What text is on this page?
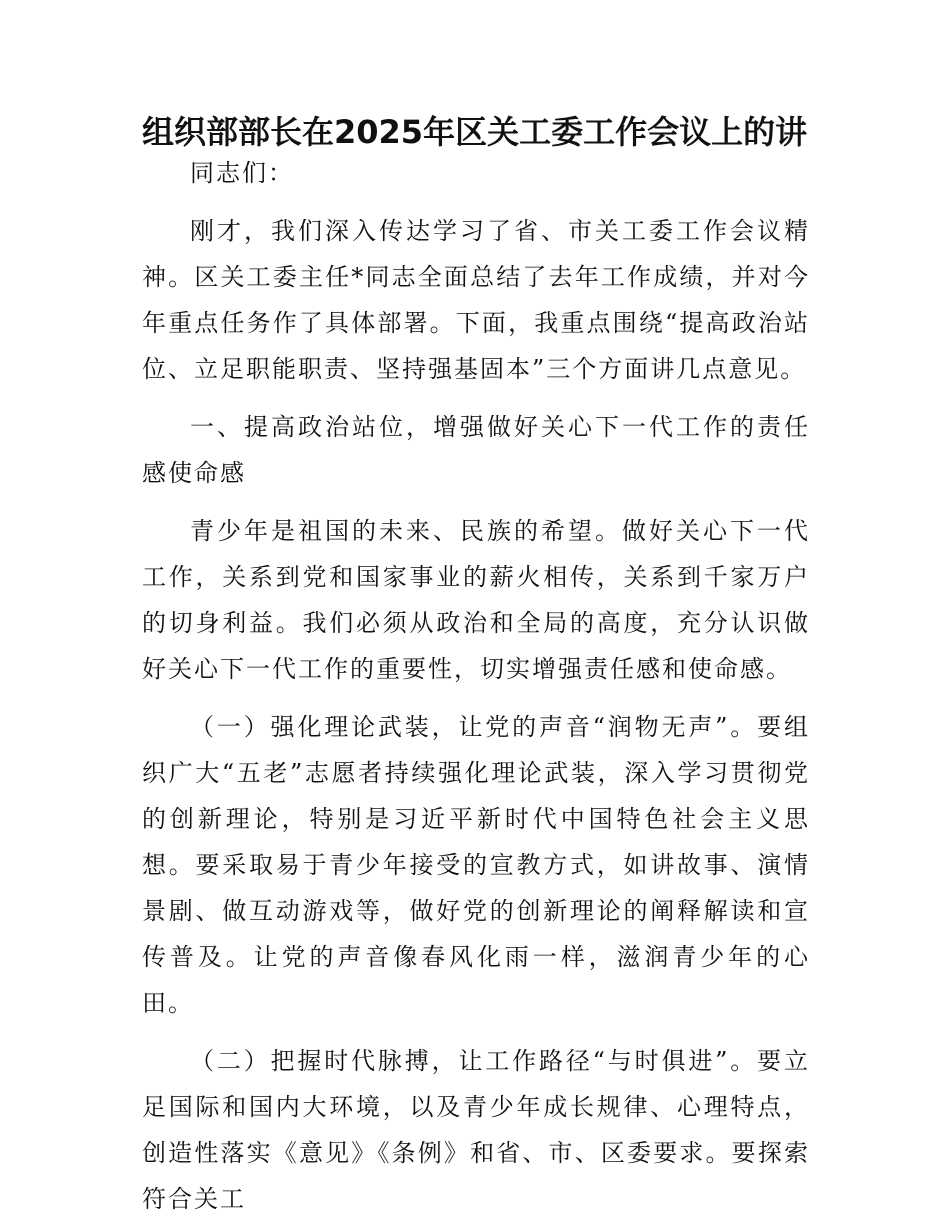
组织部部长在2025年区关工委工作会议上的讲

同志们：

刚才，我们深入传达学习了省、市关工委工作会议精神。区关工委主任*同志全面总结了去年工作成绩，并对今年重点任务作了具体部署。下面，我重点围绕“提高政治站位、立足职能职责、坚持强基固本”三个方面讲几点意见。

一、提高政治站位，增强做好关心下一代工作的责任感使命感

青少年是祖国的未来、民族的希望。做好关心下一代工作，关系到党和国家事业的薪火相传，关系到千家万户的切身利益。我们必须从政治和全局的高度，充分认识做好关心下一代工作的重要性，切实增强责任感和使命感。

（一）强化理论武装，让党的声音“润物无声”。要组织广大“五老”志愿者持续强化理论武装，深入学习贯彻党的创新理论，特别是习近平新时代中国特色社会主义思想。要采取易于青少年接受的宣教方式，如讲故事、演情景剧、做互动游戏等，做好党的创新理论的阐释解读和宣传普及。让党的声音像春风化雨一样，滋润青少年的心田。

（二）把握时代脉搏，让工作路径“与时俱进”。要立足国际和国内大环境，以及青少年成长规律、心理特点，创造性落实《意见》《条例》和省、市、区委要求。要探索符合关工
